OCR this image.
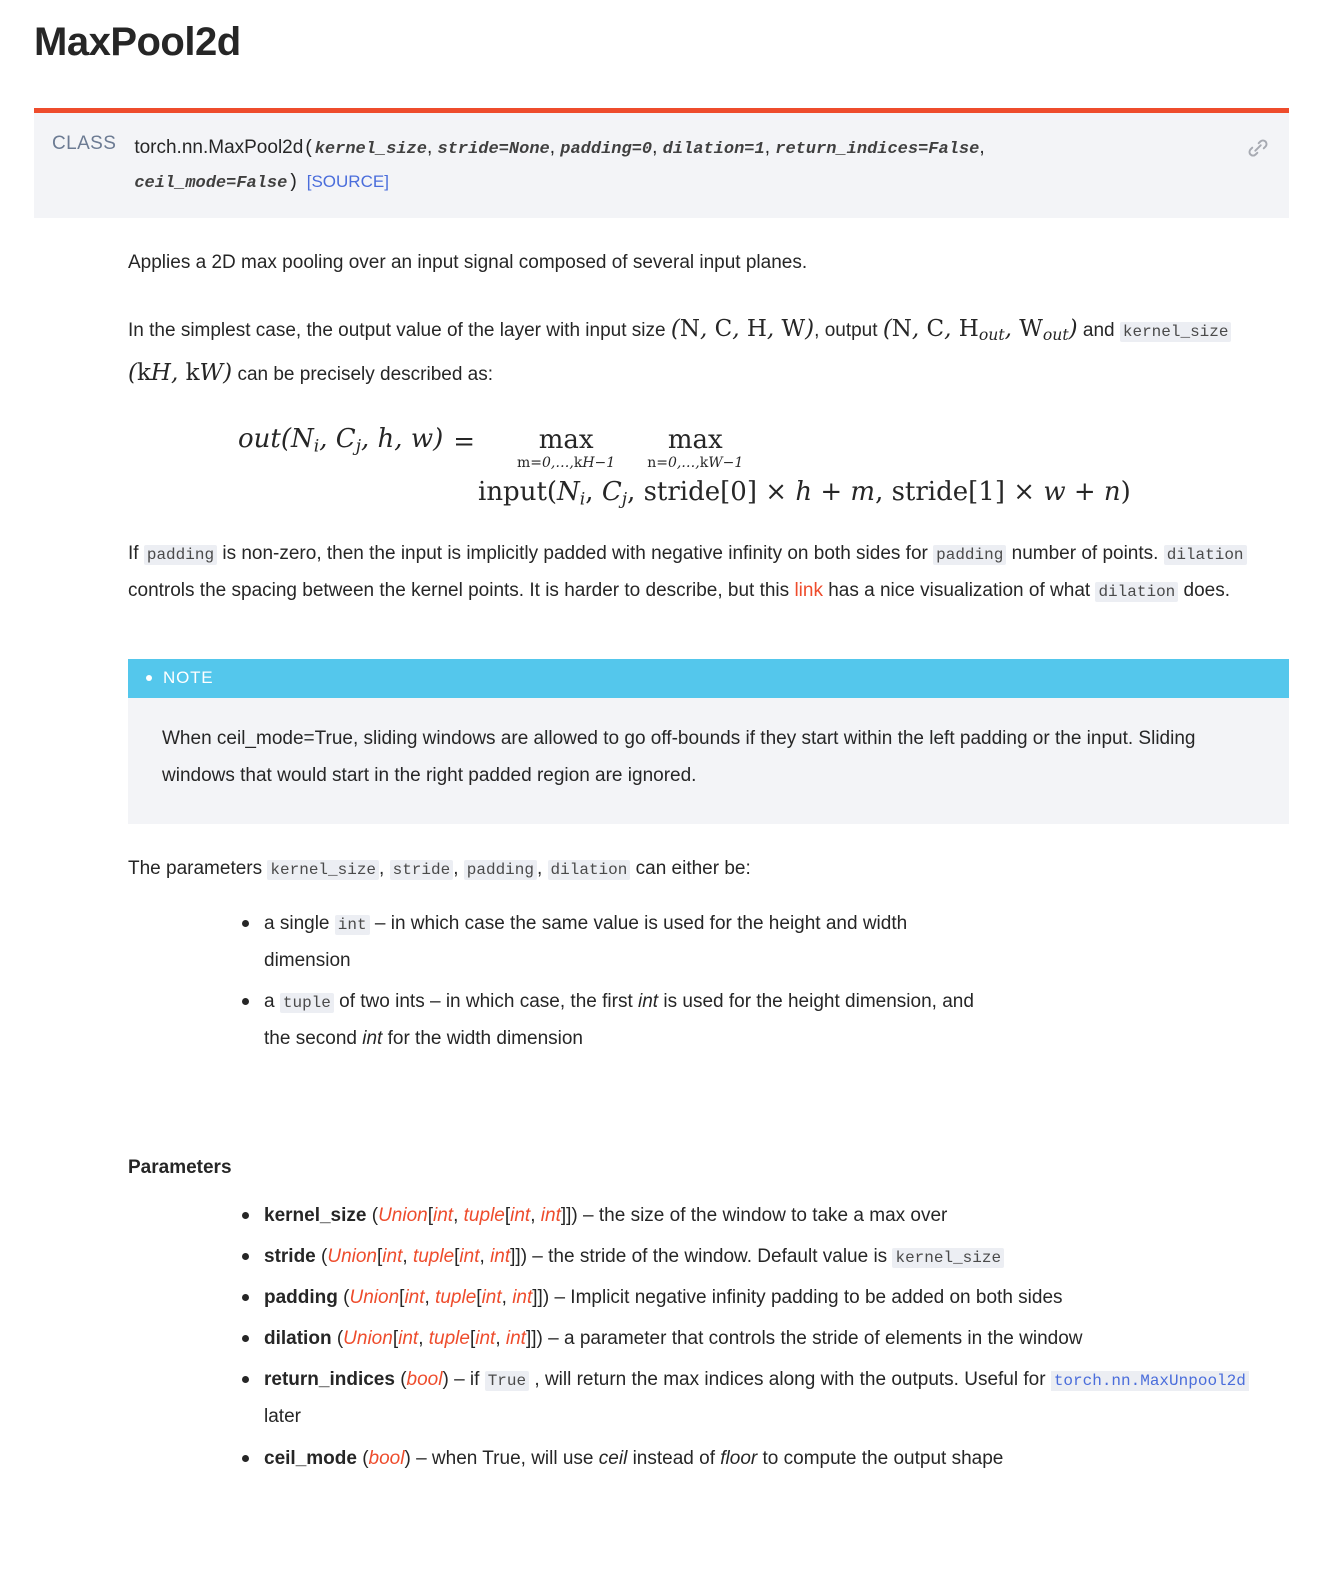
MaxPool2d
CLASS torch.nn.MaxPool2d(kernel_size, stride=None, padding=0, dilation=1, return_indices=False,
ceil_mode=False) [SOURCE]

Applies a 2D max pooling over an input signal composed of several input planes.

In the simplest case, the output value of the layer with input size (N, C, H, W), output (N, C, $H_{out}$, $W_{out}$) and kernel_size (kH, kW) can be precisely described as:

$out(N_i$, $C_j$, h, w) =	max
m=0,…,kH−1
max
n=0,…,kW−1
$input(N_i$, $C_j$, stride[0] × h + m, stride[1] × w + n)

If padding is non-zero, then the input is implicitly padded with negative infinity on both sides for padding number of points. dilation controls the spacing between the kernel points. It is harder to describe, but this link has a nice visualization of what dilation does.

NOTE

When ceil_mode=True, sliding windows are allowed to go off-bounds if they start within the left padding or the input. Sliding windows that would start in the right padded region are ignored.

The parameters kernel_size , stride , padding , dilation can either be:

a single int – in which case the same value is used for the height and width dimension
a tuple of two ints – in which case, the first int is used for the height dimension, and the second int for the width dimension
Parameters
kernel_size (Union[int, tuple[int, int]]) – the size of the window to take a max over
stride (Union[int, tuple[int, int]]) – the stride of the window. Default value is kernel_size
padding (Union[int, tuple[int, int]]) – Implicit negative infinity padding to be added on both sides
dilation (Union[int, tuple[int, int]]) – a parameter that controls the stride of elements in the window
return_indices (bool) – if True , will return the max indices along with the outputs. Useful for torch.nn.MaxUnpool2d later
ceil_mode (bool) – when True, will use ceil instead of floor to compute the output shape
